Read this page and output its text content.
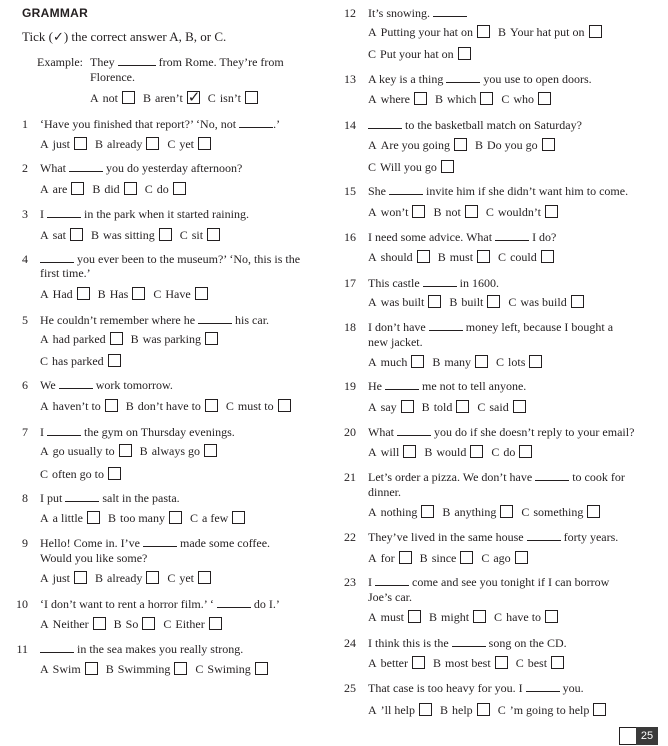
GRAMMAR
Tick (✓) the correct answer A, B, or C.
Example: They	from Rome. They’re from
Florence.
A not B aren’t✓ C isn’t
1 ‘Have you finished that report?’ ‘No, not	.’
A just B already C yet
2 What	you do yesterday afternoon?
A are B did C do
3 I	in the park when it started raining.
A sat B was sitting C sit
4	you ever been to the museum?’ ‘No, this is the
first time.’
A Had B Has C Have
5 He couldn’t remember where he	his car.
A had parked B was parking
C has parked
6 We	work tomorrow.
A haven’t to B don’t have to C must to
7 I	the gym on Thursday evenings.
A go usually to B always go
C often go to
8 I put	salt in the pasta.
A a little B too many C a few
9 Hello! Come in. I’ve	made some coffee.
Would you like some?
A just B already C yet
10 ‘I don’t want to rent a horror film.’ ‘	do I.’
A Neither B So C Either
11	in the sea makes you really strong.
A Swim B Swimming C Swiming
12 It’s snowing.
A Putting your hat on B Your hat put on
C Put your hat on
13 A key is a thing	you use to open doors.
A where B which C who
14	to the basketball match on Saturday?
A Are you going B Do you go
C Will you go
15 She	invite him if she didn’t want him to come.
A won’t B not C wouldn’t
16 I need some advice. What	I do?
A should B must C could
17 This castle	in 1600.
A was built B built C was build
18 I don’t have	money left, because I bought a
new jacket.
A much B many C lots
19 He	me not to tell anyone.
A say B told C said
20 What	you do if she doesn’t reply to your email?
A will B would C do
21 Let’s order a pizza. We don’t have	to cook for
dinner.
A nothing B anything C something
22 They’ve lived in the same house	forty years.
A for B since C ago
23 I	come and see you tonight if I can borrow
Joe’s car.
A must B might C have to
24 I think this is the	song on the CD.
A better B most best C best
25 That case is too heavy for you. I	you.
A ’ll help B help C ’m going to help
25
